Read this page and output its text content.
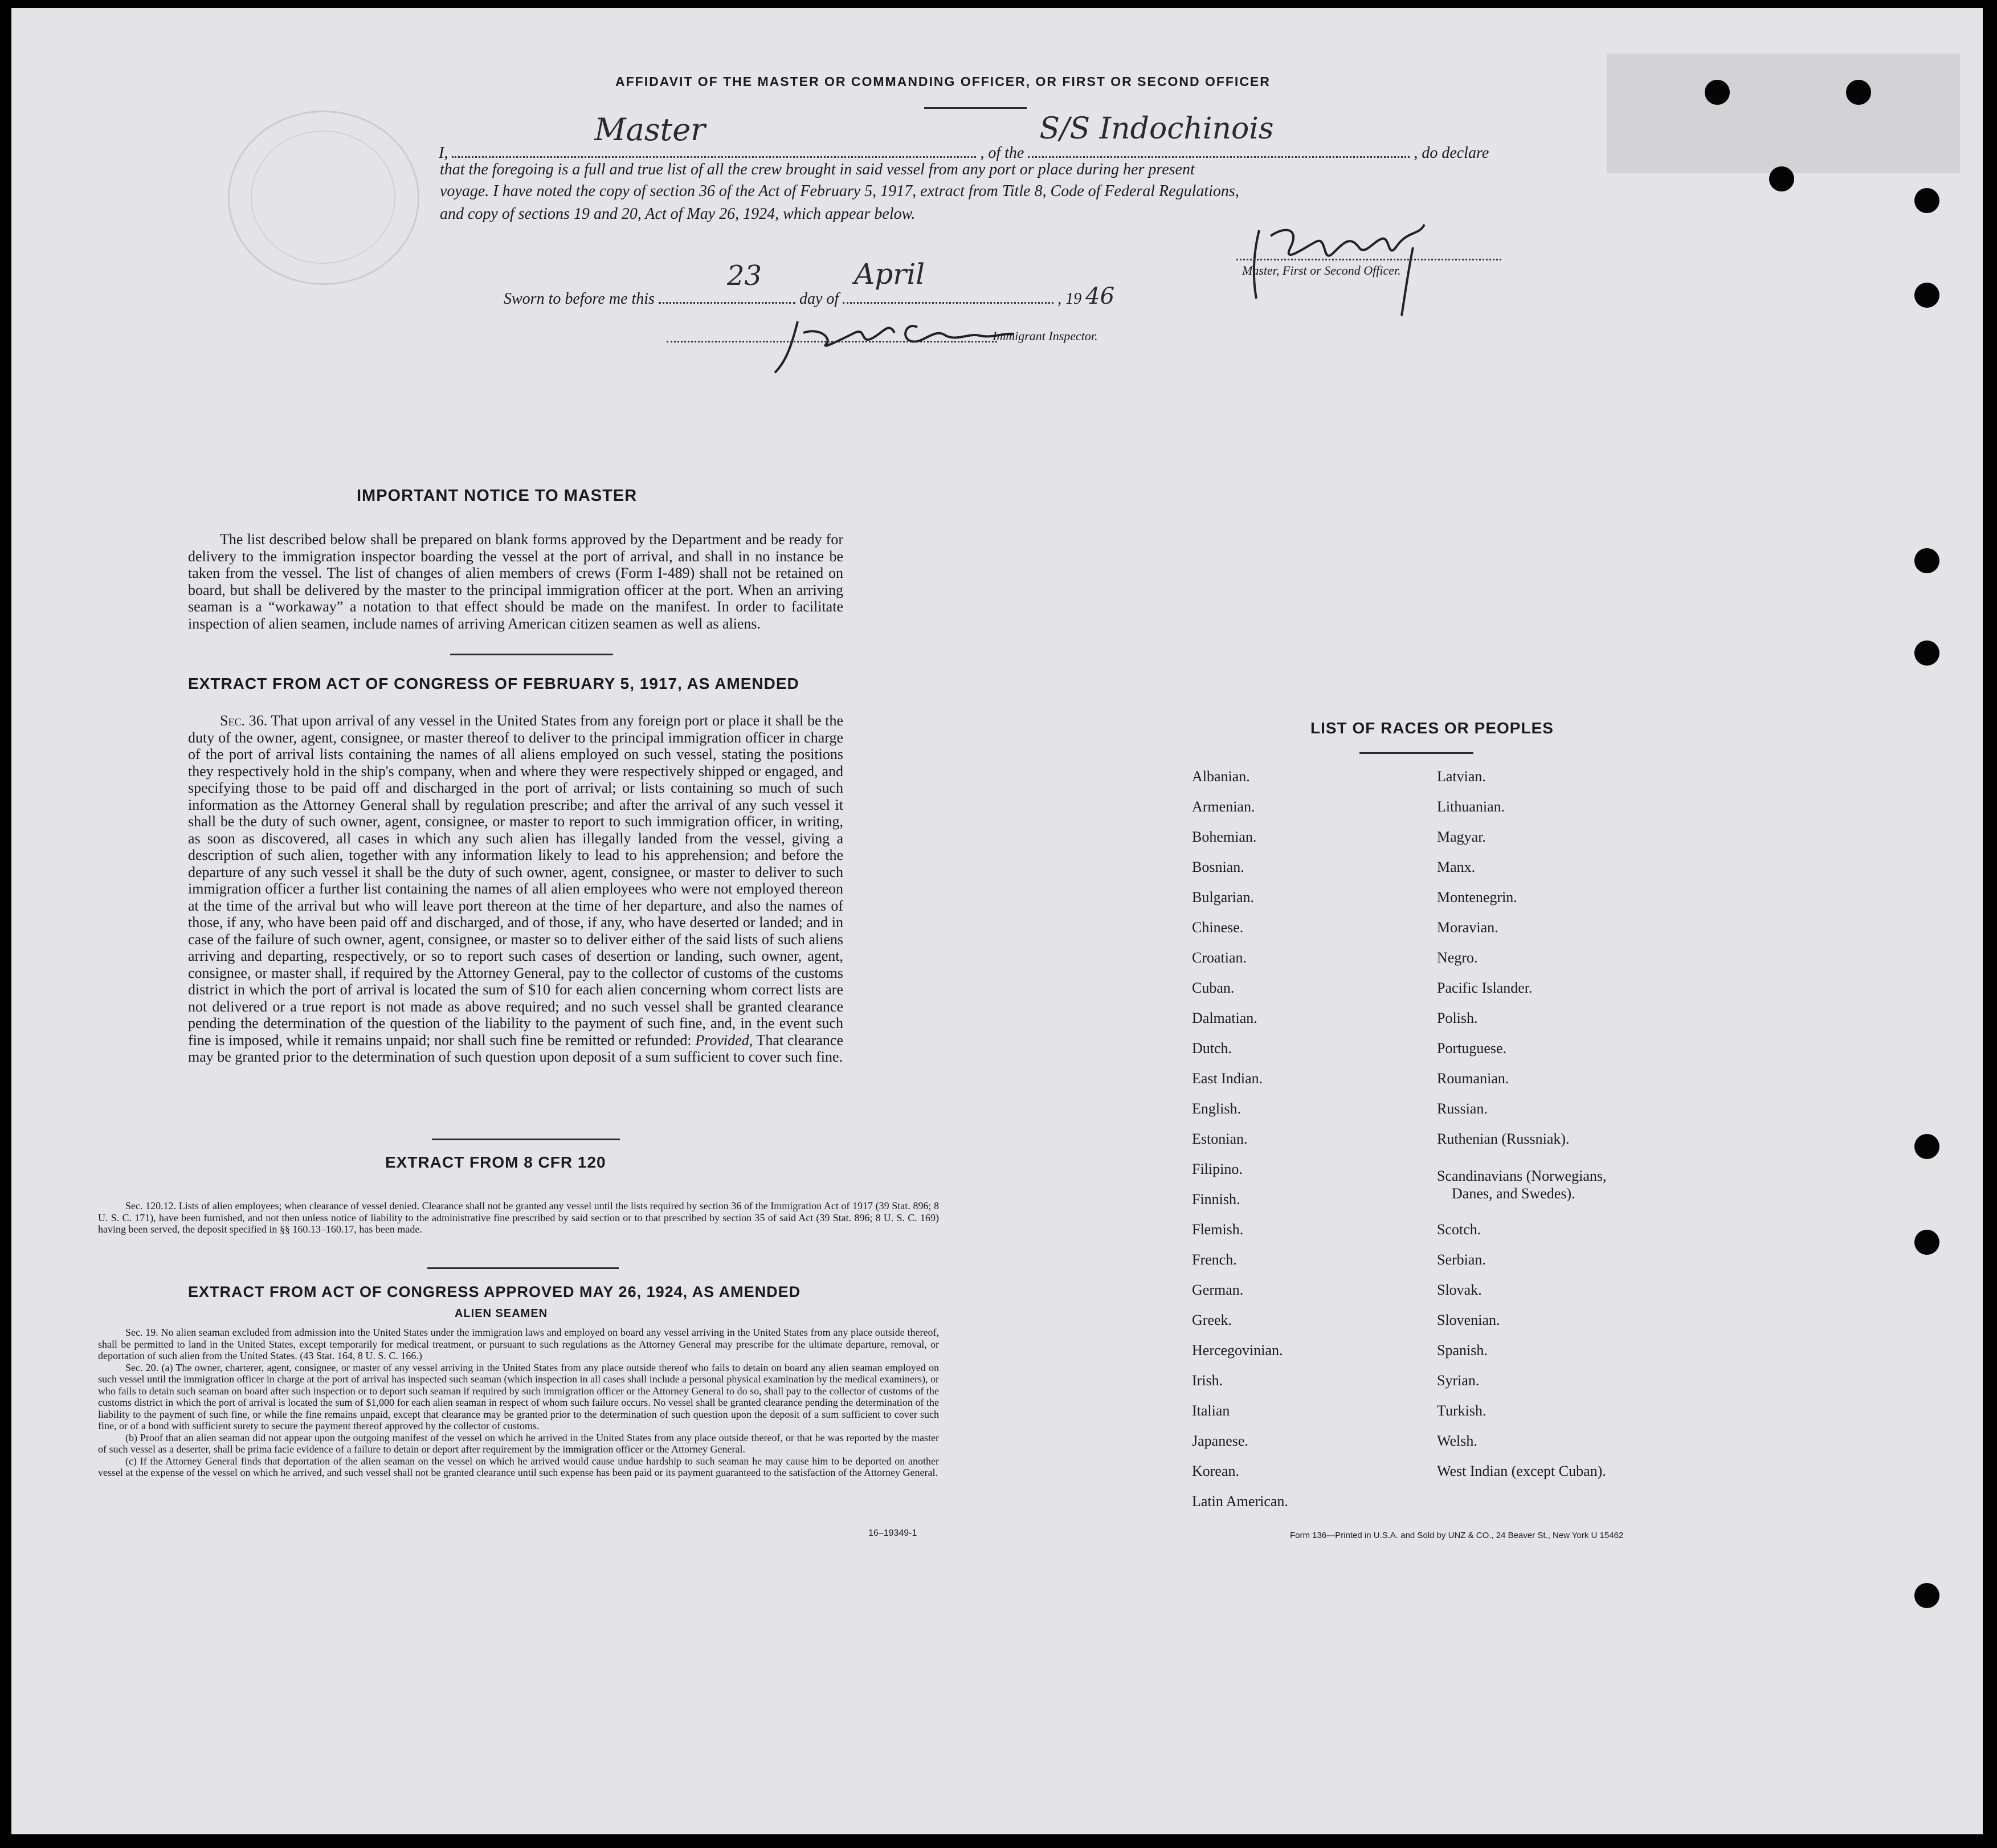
AFFIDAVIT OF THE MASTER OR COMMANDING OFFICER, OR FIRST OR SECOND OFFICER
I,
Master
, of the
S/S Indochinois
, do declare
that the foregoing is a full and true list of all the crew brought in said vessel from any port or place during her present
voyage. I have noted the copy of section 36 of the Act of February 5, 1917, extract from Title 8, Code of Federal Regulations,
and copy of sections 19 and 20, Act of May 26, 1924, which appear below.
Master, First or Second Officer.
Sworn to before me this
23
day of
April
, 19 46
Immigrant Inspector.
IMPORTANT NOTICE TO MASTER
The list described below shall be prepared on blank forms approved by the Department and be ready for delivery to the immigration inspector boarding the vessel at the port of arrival, and shall in no instance be taken from the vessel. The list of changes of alien members of crews (Form I-489) shall not be retained on board, but shall be delivered by the master to the principal immigration officer at the port. When an arriving seaman is a “workaway” a notation to that effect should be made on the manifest. In order to facilitate inspection of alien seamen, include names of arriving American citizen seamen as well as aliens.
EXTRACT FROM ACT OF CONGRESS OF FEBRUARY 5, 1917, AS AMENDED
Sec. 36. That upon arrival of any vessel in the United States from any foreign port or place it shall be the duty of the owner, agent, consignee, or master thereof to deliver to the principal immigration officer in charge of the port of arrival lists containing the names of all aliens employed on such vessel, stating the positions they respectively hold in the ship's company, when and where they were respectively shipped or engaged, and specifying those to be paid off and discharged in the port of arrival; or lists containing so much of such information as the Attorney General shall by regulation prescribe; and after the arrival of any such vessel it shall be the duty of such owner, agent, consignee, or master to report to such immigration officer, in writing, as soon as discovered, all cases in which any such alien has illegally landed from the vessel, giving a description of such alien, together with any information likely to lead to his apprehension; and before the departure of any such vessel it shall be the duty of such owner, agent, consignee, or master to deliver to such immigration officer a further list containing the names of all alien employees who were not employed thereon at the time of the arrival but who will leave port thereon at the time of her departure, and also the names of those, if any, who have been paid off and discharged, and of those, if any, who have deserted or landed; and in case of the failure of such owner, agent, consignee, or master so to deliver either of the said lists of such aliens arriving and departing, respectively, or so to report such cases of desertion or landing, such owner, agent, consignee, or master shall, if required by the Attorney General, pay to the collector of customs of the customs district in which the port of arrival is located the sum of $10 for each alien concerning whom correct lists are not delivered or a true report is not made as above required; and no such vessel shall be granted clearance pending the determination of the question of the liability to the payment of such fine, and, in the event such fine is imposed, while it remains unpaid; nor shall such fine be remitted or refunded: Provided, That clearance may be granted prior to the determination of such question upon deposit of a sum sufficient to cover such fine.
EXTRACT FROM 8 CFR 120
Sec. 120.12. Lists of alien employees; when clearance of vessel denied. Clearance shall not be granted any vessel until the lists required by section 36 of the Immigration Act of 1917 (39 Stat. 896; 8 U. S. C. 171), have been furnished, and not then unless notice of liability to the administrative fine prescribed by said section or to that prescribed by section 35 of said Act (39 Stat. 896; 8 U. S. C. 169) having been served, the deposit specified in §§ 160.13–160.17, has been made.
EXTRACT FROM ACT OF CONGRESS APPROVED MAY 26, 1924, AS AMENDED
ALIEN SEAMEN
Sec. 19. No alien seaman excluded from admission into the United States under the immigration laws and employed on board any vessel arriving in the United States from any place outside thereof, shall be permitted to land in the United States, except temporarily for medical treatment, or pursuant to such regulations as the Attorney General may prescribe for the ultimate departure, removal, or deportation of such alien from the United States. (43 Stat. 164, 8 U. S. C. 166.)
Sec. 20. (a) The owner, charterer, agent, consignee, or master of any vessel arriving in the United States from any place outside thereof who fails to detain on board any alien seaman employed on such vessel until the immigration officer in charge at the port of arrival has inspected such seaman (which inspection in all cases shall include a personal physical examination by the medical examiners), or who fails to detain such seaman on board after such inspection or to deport such seaman if required by such immigration officer or the Attorney General to do so, shall pay to the collector of customs of the customs district in which the port of arrival is located the sum of $1,000 for each alien seaman in respect of whom such failure occurs. No vessel shall be granted clearance pending the determination of the liability to the payment of such fine, or while the fine remains unpaid, except that clearance may be granted prior to the determination of such question upon the deposit of a sum sufficient to cover such fine, or of a bond with sufficient surety to secure the payment thereof approved by the collector of customs.
(b) Proof that an alien seaman did not appear upon the outgoing manifest of the vessel on which he arrived in the United States from any place outside thereof, or that he was reported by the master of such vessel as a deserter, shall be prima facie evidence of a failure to detain or deport after requirement by the immigration officer or the Attorney General.
(c) If the Attorney General finds that deportation of the alien seaman on the vessel on which he arrived would cause undue hardship to such seaman he may cause him to be deported on another vessel at the expense of the vessel on which he arrived, and such vessel shall not be granted clearance until such expense has been paid or its payment guaranteed to the satisfaction of the Attorney General.
16–19349-1
LIST OF RACES OR PEOPLES
Albanian.
Armenian.
Bohemian.
Bosnian.
Bulgarian.
Chinese.
Croatian.
Cuban.
Dalmatian.
Dutch.
East Indian.
English.
Estonian.
Filipino.
Finnish.
Flemish.
French.
German.
Greek.
Hercegovinian.
Irish.
Italian
Japanese.
Korean.
Latin American.
Latvian.
Lithuanian.
Magyar.
Manx.
Montenegrin.
Moravian.
Negro.
Pacific Islander.
Polish.
Portuguese.
Roumanian.
Russian.
Ruthenian (Russniak).
Scandinavians (Norwegians,
Danes, and Swedes).
Scotch.
Serbian.
Slovak.
Slovenian.
Spanish.
Syrian.
Turkish.
Welsh.
West Indian (except Cuban).
Form 136—Printed in U.S.A. and Sold by UNZ & CO., 24 Beaver St., New York U 15462
